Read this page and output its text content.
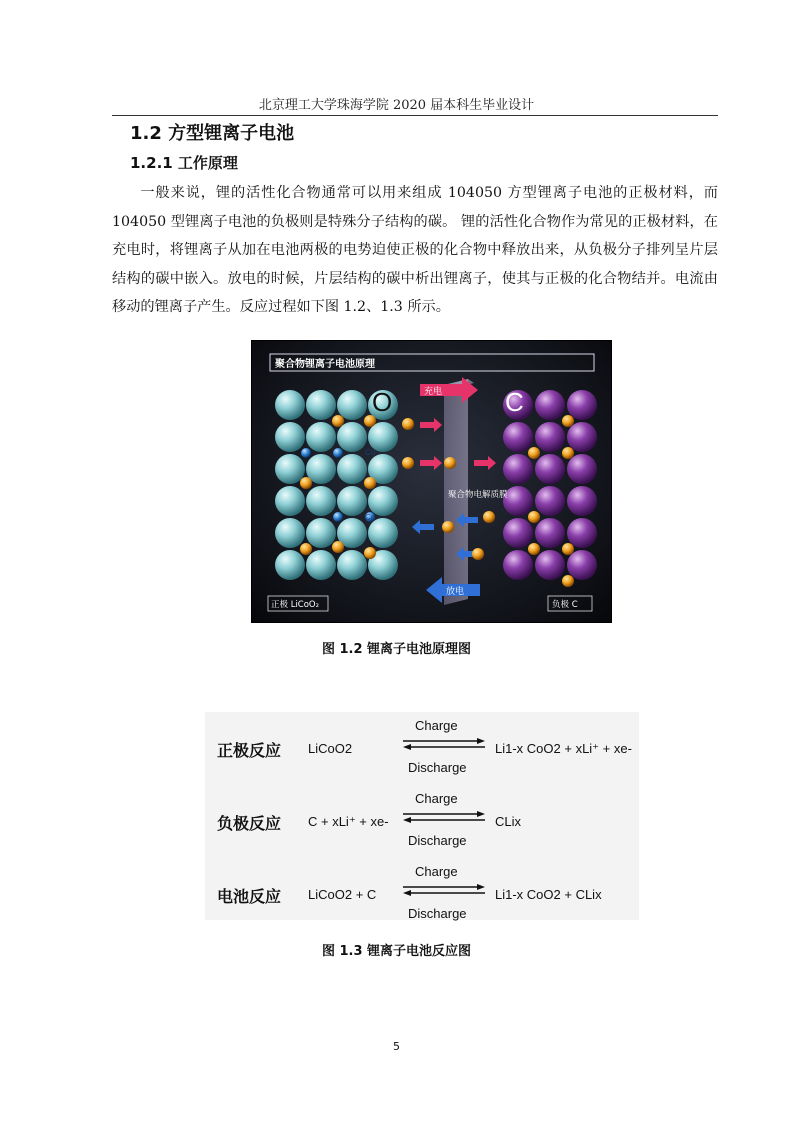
北京理工大学珠海学院 2020 届本科生毕业设计
1.2 方型锂离子电池
1.2.1 工作原理

一般来说，锂的活性化合物通常可以用来组成 104050 方型锂离子电池的正极材料，而 104050 型锂离子电池的负极则是特殊分子结构的碳。 锂的活性化合物作为常见的正极材料，在充电时，将锂离子从加在电池两极的电势迫使正极的化合物中释放出来，从负极分子排列呈片层结构的碳中嵌入。放电的时候，片层结构的碳中析出锂离子，使其与正极的化合物结并。电流由移动的锂离子产生。反应过程如下图 1.2、1.3 所示。

聚合物锂离子电池原理
O	C
充电
放电
聚合物电解质膜
Co
Co
正极 LiCoO₂	负极 C
图 1.2 锂离子电池原理图
正极反应 LiCoO2
Charge
Discharge
Li1-x CoO2 + xLi⁺ + xe-
负极反应 C + xLi⁺ + xe-
Charge
Discharge
CLix
电池反应 LiCoO2 + C
Charge
Discharge
Li1-x CoO2 + CLix
图 1.3 锂离子电池反应图
5
